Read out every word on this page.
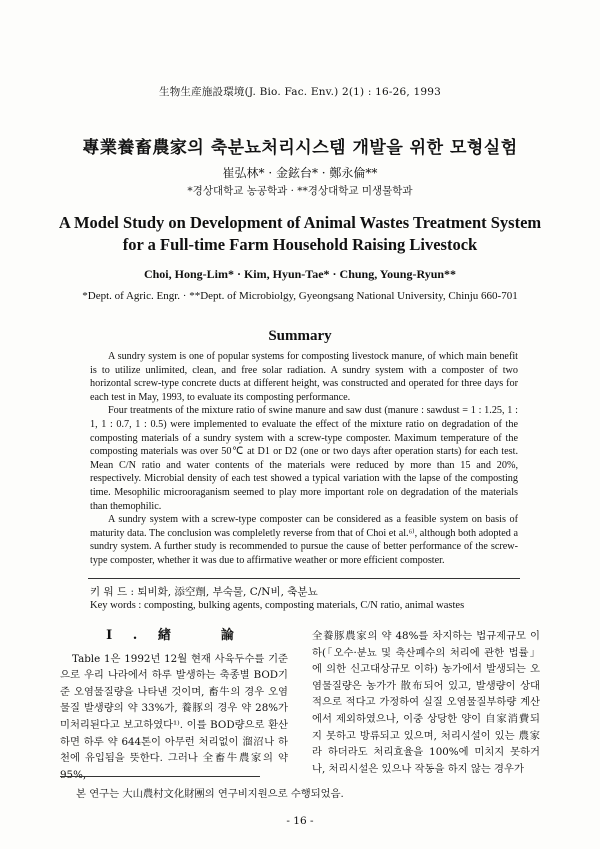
生物生産施設環境(J. Bio. Fac. Env.) 2(1) : 16-26, 1993
專業養畜農家의 축분뇨처리시스템 개발을 위한 모형실험
崔弘林* · 金鉉台* · 鄭永倫**
*경상대학교 농공학과 · **경상대학교 미생물학과
A Model Study on Development of Animal Wastes Treatment System
for a Full-time Farm Household Raising Livestock
Choi, Hong-Lim* · Kim, Hyun-Tae* · Chung, Young-Ryun**
*Dept. of Agric. Engr. · **Dept. of Microbiolgy, Gyeongsang National University, Chinju 660-701
Summary

A sundry system is one of popular systems for composting livestock manure, of which main benefit is to utilize unlimited, clean, and free solar radiation. A sundry system with a composter of two horizontal screw-type concrete ducts at different height, was constructed and operated for three days for each test in May, 1993, to evaluate its composting performance.

Four treatments of the mixture ratio of swine manure and saw dust (manure : sawdust = 1 : 1.25, 1 : 1, 1 : 0.7, 1 : 0.5) were implemented to evaluate the effect of the mixture ratio on degradation of the composting materials of a sundry system with a screw-type composter. Maximum temperature of the composting materials was over 50℃ at D1 or D2 (one or two days after operation starts) for each test. Mean C/N ratio and water contents of the materials were reduced by more than 15 and 20%, respectively. Microbial density of each test showed a typical variation with the lapse of the composting time. Mesophilic microoraganism seemed to play more important role on degradation of the materials than themophilic.

A sundry system with a screw-type composter can be considered as a feasible system on basis of maturity data. The conclusion was compleletly reverse from that of Choi et al.⁶⁾, although both adopted a sundry system. A further study is recommended to pursue the cause of better performance of the screw-type composter, whether it was due to affirmative weather or more efficient composter.

키 워 드 : 퇴비화, 添空劑, 부숙물, C/N비, 축분뇨
Key words : composting, bulking agents, composting materials, C/N ratio, animal wastes

I . 緖　　論

Table 1은 1992년 12월 현재 사육두수를 기준으로 우리 나라에서 하루 발생하는 축종별 BOD기준 오염물질량을 나타낸 것이며, 畜牛의 경우 오염물질 발생량의 약 33%가, 養豚의 경우 약 28%가 미처리된다고 보고하였다¹⁾. 이를 BOD량으로 환산하면 하루 약 644톤이 아무런 처리없이 溜沼나 하천에 유입됨을 뜻한다. 그러나 全畜牛農家의 약 95%,

全養豚農家의 약 48%를 차지하는 법규제규모 이하(「오수·분뇨 및 축산폐수의 처리에 관한 법률」에 의한 신고대상규모 이하) 농가에서 발생되는 오염물질량은 농가가 散布되어 있고, 발생량이 상대적으로 적다고 가정하여 실질 오염물질부하량 계산에서 제외하였으나, 이중 상당한 양이 自家消費되지 못하고 방류되고 있으며, 처리시설이 있는 農家라 하더라도 처리효율을 100%에 미치지 못하거나, 처리시설은 있으나 작동을 하지 않는 경우가

본 연구는 大山農村文化財團의 연구비지원으로 수행되었음.
- 16 -
